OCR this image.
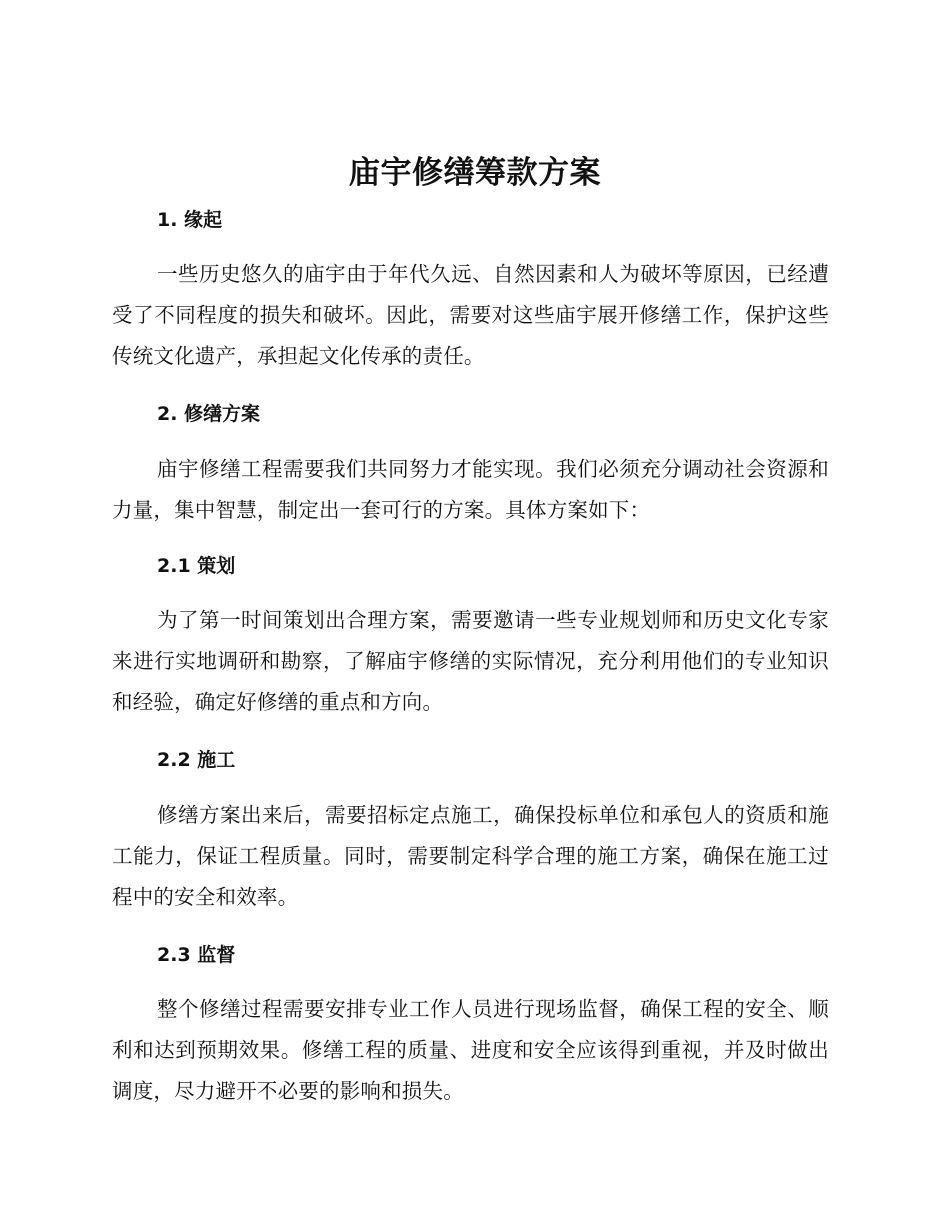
庙宇修缮筹款方案
1. 缘起
一些历史悠久的庙宇由于年代久远、自然因素和人为破坏等原因，已经遭受了不同程度的损失和破坏。因此，需要对这些庙宇展开修缮工作，保护这些传统文化遗产，承担起文化传承的责任。
2. 修缮方案
庙宇修缮工程需要我们共同努力才能实现。我们必须充分调动社会资源和力量，集中智慧，制定出一套可行的方案。具体方案如下：
2.1 策划
为了第一时间策划出合理方案，需要邀请一些专业规划师和历史文化专家来进行实地调研和勘察，了解庙宇修缮的实际情况，充分利用他们的专业知识和经验，确定好修缮的重点和方向。
2.2 施工
修缮方案出来后，需要招标定点施工，确保投标单位和承包人的资质和施工能力，保证工程质量。同时，需要制定科学合理的施工方案，确保在施工过程中的安全和效率。
2.3 监督
整个修缮过程需要安排专业工作人员进行现场监督，确保工程的安全、顺利和达到预期效果。修缮工程的质量、进度和安全应该得到重视，并及时做出调度，尽力避开不必要的影响和损失。
